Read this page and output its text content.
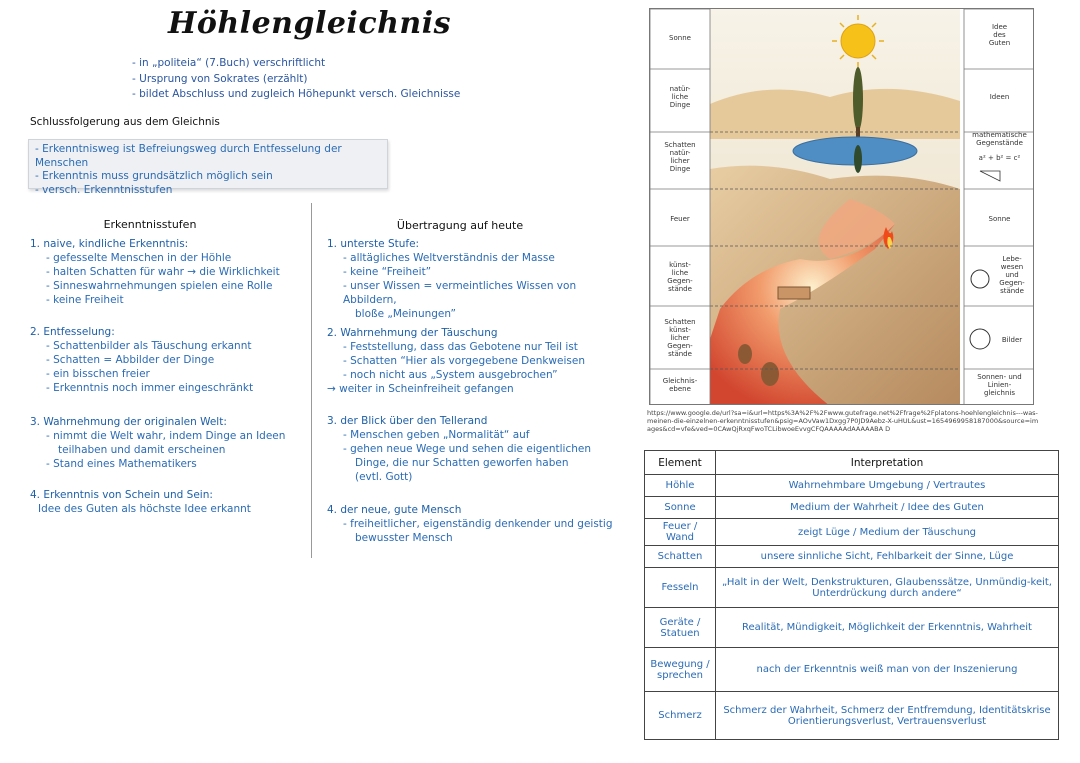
Höhlengleichnis
- in „politeia“ (7.Buch) verschriftlicht
- Ursprung von Sokrates (erzählt)
- bildet Abschluss und zugleich Höhepunkt versch. Gleichnisse
Schlussfolgerung aus dem Gleichnis
- Erkenntnisweg ist Befreiungsweg durch Entfesselung der Menschen
- Erkenntnis muss grundsätzlich möglich sein
- versch. Erkenntnisstufen
Erkenntnisstufen	Übertragung auf heute
1. naive, kindliche Erkenntnis:
- gefesselte Menschen in der Höhle
- halten Schatten für wahr → die Wirklichkeit
- Sinneswahrnehmungen spielen eine Rolle
- keine Freiheit
2. Entfesselung:
- Schattenbilder als Täuschung erkannt
- Schatten = Abbilder der Dinge
- ein bisschen freier
- Erkenntnis noch immer eingeschränkt
3. Wahrnehmung der originalen Welt:
- nimmt die Welt wahr, indem Dinge an Ideen
teilhaben und damit erscheinen
- Stand eines Mathematikers
4. Erkenntnis von Schein und Sein:
Idee des Guten als höchste Idee erkannt
1. unterste Stufe:
- alltägliches Weltverständnis der Masse
- keine “Freiheit”
- unser Wissen = vermeintliches Wissen von Abbildern,
bloße „Meinungen”
2. Wahrnehmung der Täuschung
- Feststellung, dass das Gebotene nur Teil ist
- Schatten “Hier als vorgegebene Denkweisen
- noch nicht aus „System ausgebrochen”
→ weiter in Scheinfreiheit gefangen
3. der Blick über den Tellerand
- Menschen geben „Normalität“ auf
- gehen neue Wege und sehen die eigentlichen
Dinge, die nur Schatten geworfen haben
(evtl. Gott)
4. der neue, gute Mensch
- freiheitlicher, eigenständig denkender und geistig
bewusster Mensch
Sonne
natür-
liche
Dinge
Schatten
natür-
licher
Dinge
Feuer
künst-
liche
Gegen-
stände
Schatten
künst-
licher
Gegen-
stände
Gleichnis-
ebene
Idee
des
Guten
Ideen
mathematische
Gegenstände
a² + b² = c²
Sonne
Lebe-
wesen
und
Gegen-
stände
Bilder
Sonnen- und
Linien-
gleichnis
https://www.google.de/url?sa=i&url=https%3A%2F%2Fwww.gutefrage.net%2Ffrage%2Fplatons-hoehlengleichnis---was-meinen-die-einzelnen-erkenntnisstufen&psig=AOvVaw1Dxgg7P0JD9Aebz-X-uHUL&ust=1654969958187000&source=images&cd=vfe&ved=0CAwQjRxqFwoTCLibwoeEvvgCFQAAAAAdAAAAABA D
Element	Interpretation
Höhle	Wahrnehmbare Umgebung / Vertrautes
Sonne	Medium der Wahrheit / Idee des Guten
Feuer / Wand	zeigt Lüge / Medium der Täuschung
Schatten	unsere sinnliche Sicht, Fehlbarkeit der Sinne, Lüge
Fesseln	„Halt in der Welt, Denkstrukturen, Glaubenssätze, Unmündig-keit, Unterdrückung durch andere“
Geräte / Statuen	Realität, Mündigkeit, Möglichkeit der Erkenntnis, Wahrheit
Bewegung / sprechen	nach der Erkenntnis weiß man von der Inszenierung
Schmerz	Schmerz der Wahrheit, Schmerz der Entfremdung, Identitätskrise Orientierungsverlust, Vertrauensverlust
